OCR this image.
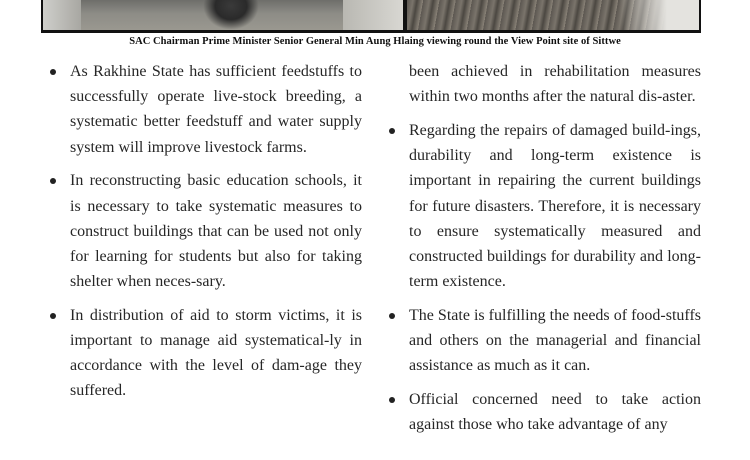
SAC Chairman Prime Minister Senior General Min Aung Hlaing viewing round the View Point site of Sittwe
As Rakhine State has sufficient feedstuffs to successfully operate live-stock breeding, a systematic better feedstuff and water supply system will improve livestock farms.
In reconstructing basic education schools, it is necessary to take systematic measures to construct buildings that can be used not only for learning for students but also for taking shelter when neces-sary.
In distribution of aid to storm victims, it is important to manage aid systematical-ly in accordance with the level of dam-age they suffered.
been achieved in rehabilitation measures within two months after the natural dis-aster.
Regarding the repairs of damaged build-ings, durability and long-term existence is important in repairing the current buildings for future disasters. Therefore, it is necessary to ensure systematically measured and constructed buildings for durability and long-term existence.
The State is fulfilling the needs of food-stuffs and others on the managerial and financial assistance as much as it can.
Official concerned need to take action against those who take advantage of any
